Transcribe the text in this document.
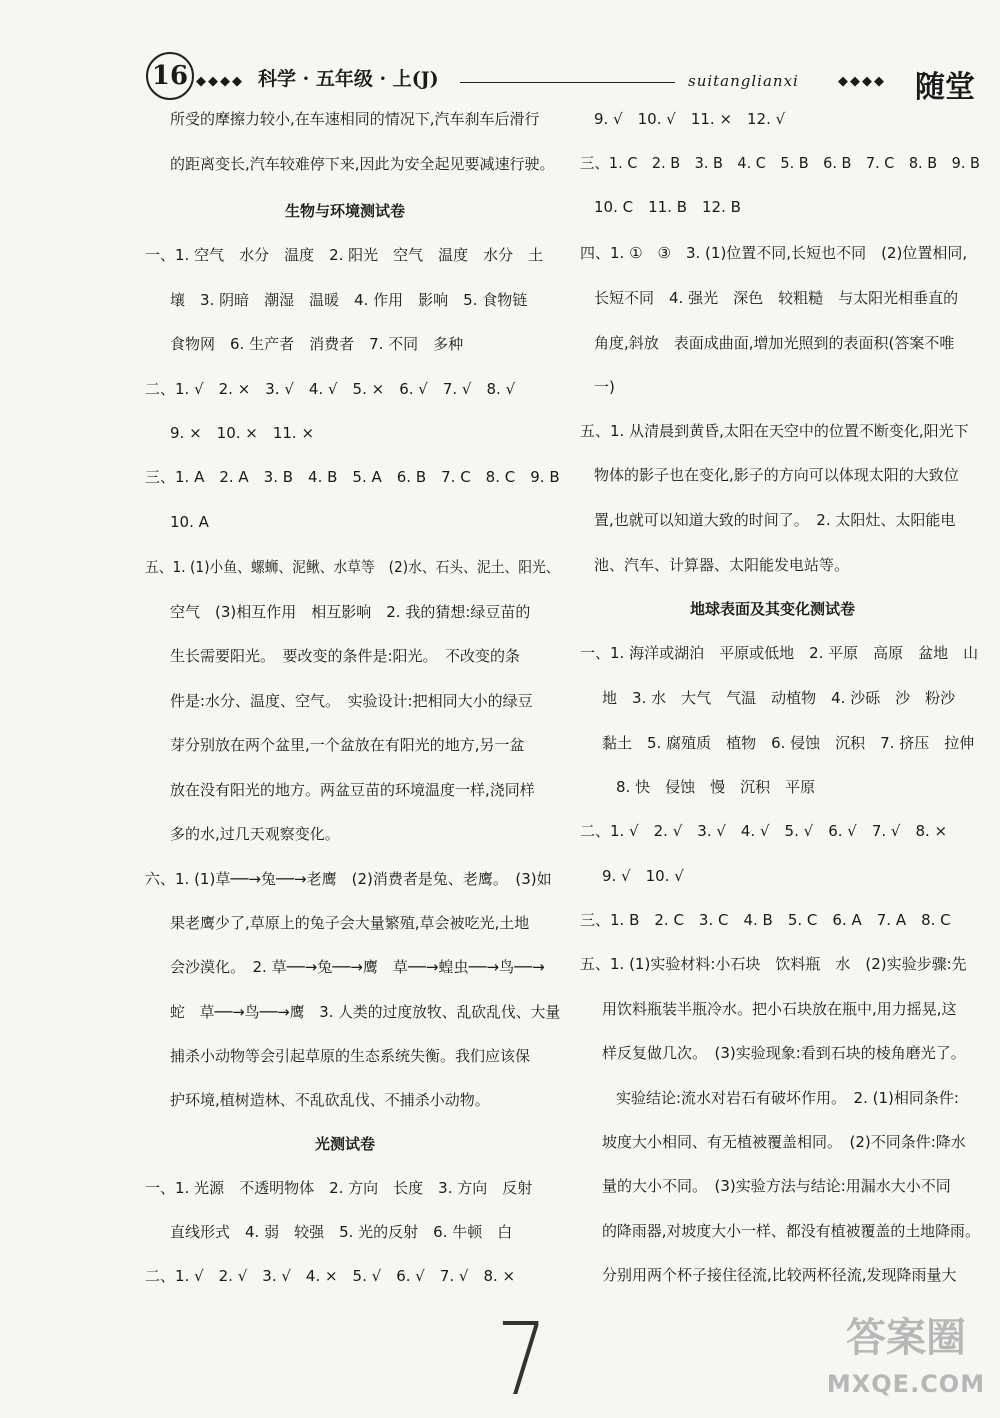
16 ◆◆◆◆ 科学 · 五年级 · 上(J)	suitanglianxi	◆◆◆◆ 随堂
所受的摩擦力较小,在车速相同的情况下,汽车刹车后滑行
的距离变长,汽车较难停下来,因此为安全起见要减速行驶。
生物与环境测试卷
一、1. 空气　水分　温度　2. 阳光　空气　温度　水分　土
壤　3. 阴暗　潮湿　温暖　4. 作用　影响　5. 食物链
食物网　6. 生产者　消费者　7. 不同　多种
二、1. √　2. ×　3. √　4. √　5. ×　6. √　7. √　8. √
9. ×　10. ×　11. ×
三、1. A　2. A　3. B　4. B　5. A　6. B　7. C　8. C　9. B
10. A
五、1. (1)小鱼、螺蛳、泥鳅、水草等　(2)水、石头、泥土、阳光、
空气　(3)相互作用　相互影响　2. 我的猜想:绿豆苗的
生长需要阳光。　要改变的条件是:阳光。　不改变的条
件是:水分、温度、空气。　实验设计:把相同大小的绿豆
芽分别放在两个盆里,一个盆放在有阳光的地方,另一盆
放在没有阳光的地方。两盆豆苗的环境温度一样,浇同样
多的水,过几天观察变化。
六、1. (1)草──→兔──→老鹰　(2)消费者是兔、老鹰。　(3)如
果老鹰少了,草原上的兔子会大量繁殖,草会被吃光,土地
会沙漠化。　2. 草──→兔──→鹰　草──→蝗虫──→鸟──→
蛇　草──→鸟──→鹰　3. 人类的过度放牧、乱砍乱伐、大量
捕杀小动物等会引起草原的生态系统失衡。我们应该保
护环境,植树造林、不乱砍乱伐、不捕杀小动物。
光测试卷
一、1. 光源　不透明物体　2. 方向　长度　3. 方向　反射
直线形式　4. 弱　较强　5. 光的反射　6. 牛顿　白
二、1. √　2. √　3. √　4. ×　5. √　6. √　7. √　8. ×
9. √　10. √　11. ×　12. √
三、1. C　2. B　3. B　4. C　5. B　6. B　7. C　8. B　9. B
10. C　11. B　12. B
四、1. ①　③　3. (1)位置不同,长短也不同　(2)位置相同,
长短不同　4. 强光　深色　较粗糙　与太阳光相垂直的
角度,斜放　表面成曲面,增加光照到的表面积(答案不唯
一)
五、1. 从清晨到黄昏,太阳在天空中的位置不断变化,阳光下
物体的影子也在变化,影子的方向可以体现太阳的大致位
置,也就可以知道大致的时间了。　2. 太阳灶、太阳能电
池、汽车、计算器、太阳能发电站等。
地球表面及其变化测试卷
一、1. 海洋或湖泊　平原或低地　2. 平原　高原　盆地　山
地　3. 水　大气　气温　动植物　4. 沙砾　沙　粉沙
黏土　5. 腐殖质　植物　6. 侵蚀　沉积　7. 挤压　拉伸
8. 快　侵蚀　慢　沉积　平原
二、1. √　2. √　3. √　4. √　5. √　6. √　7. √　8. ×
9. √　10. √
三、1. B　2. C　3. C　4. B　5. C　6. A　7. A　8. C
五、1. (1)实验材料:小石块　饮料瓶　水　(2)实验步骤:先
用饮料瓶装半瓶冷水。把小石块放在瓶中,用力摇晃,这
样反复做几次。　(3)实验现象:看到石块的棱角磨光了。
实验结论:流水对岩石有破坏作用。　2. (1)相同条件:
坡度大小相同、有无植被覆盖相同。　(2)不同条件:降水
量的大小不同。　(3)实验方法与结论:用漏水大小不同
的降雨器,对坡度大小一样、都没有植被覆盖的土地降雨。
分别用两个杯子接住径流,比较两杯径流,发现降雨量大
7	答案圈
MXQE.COM
